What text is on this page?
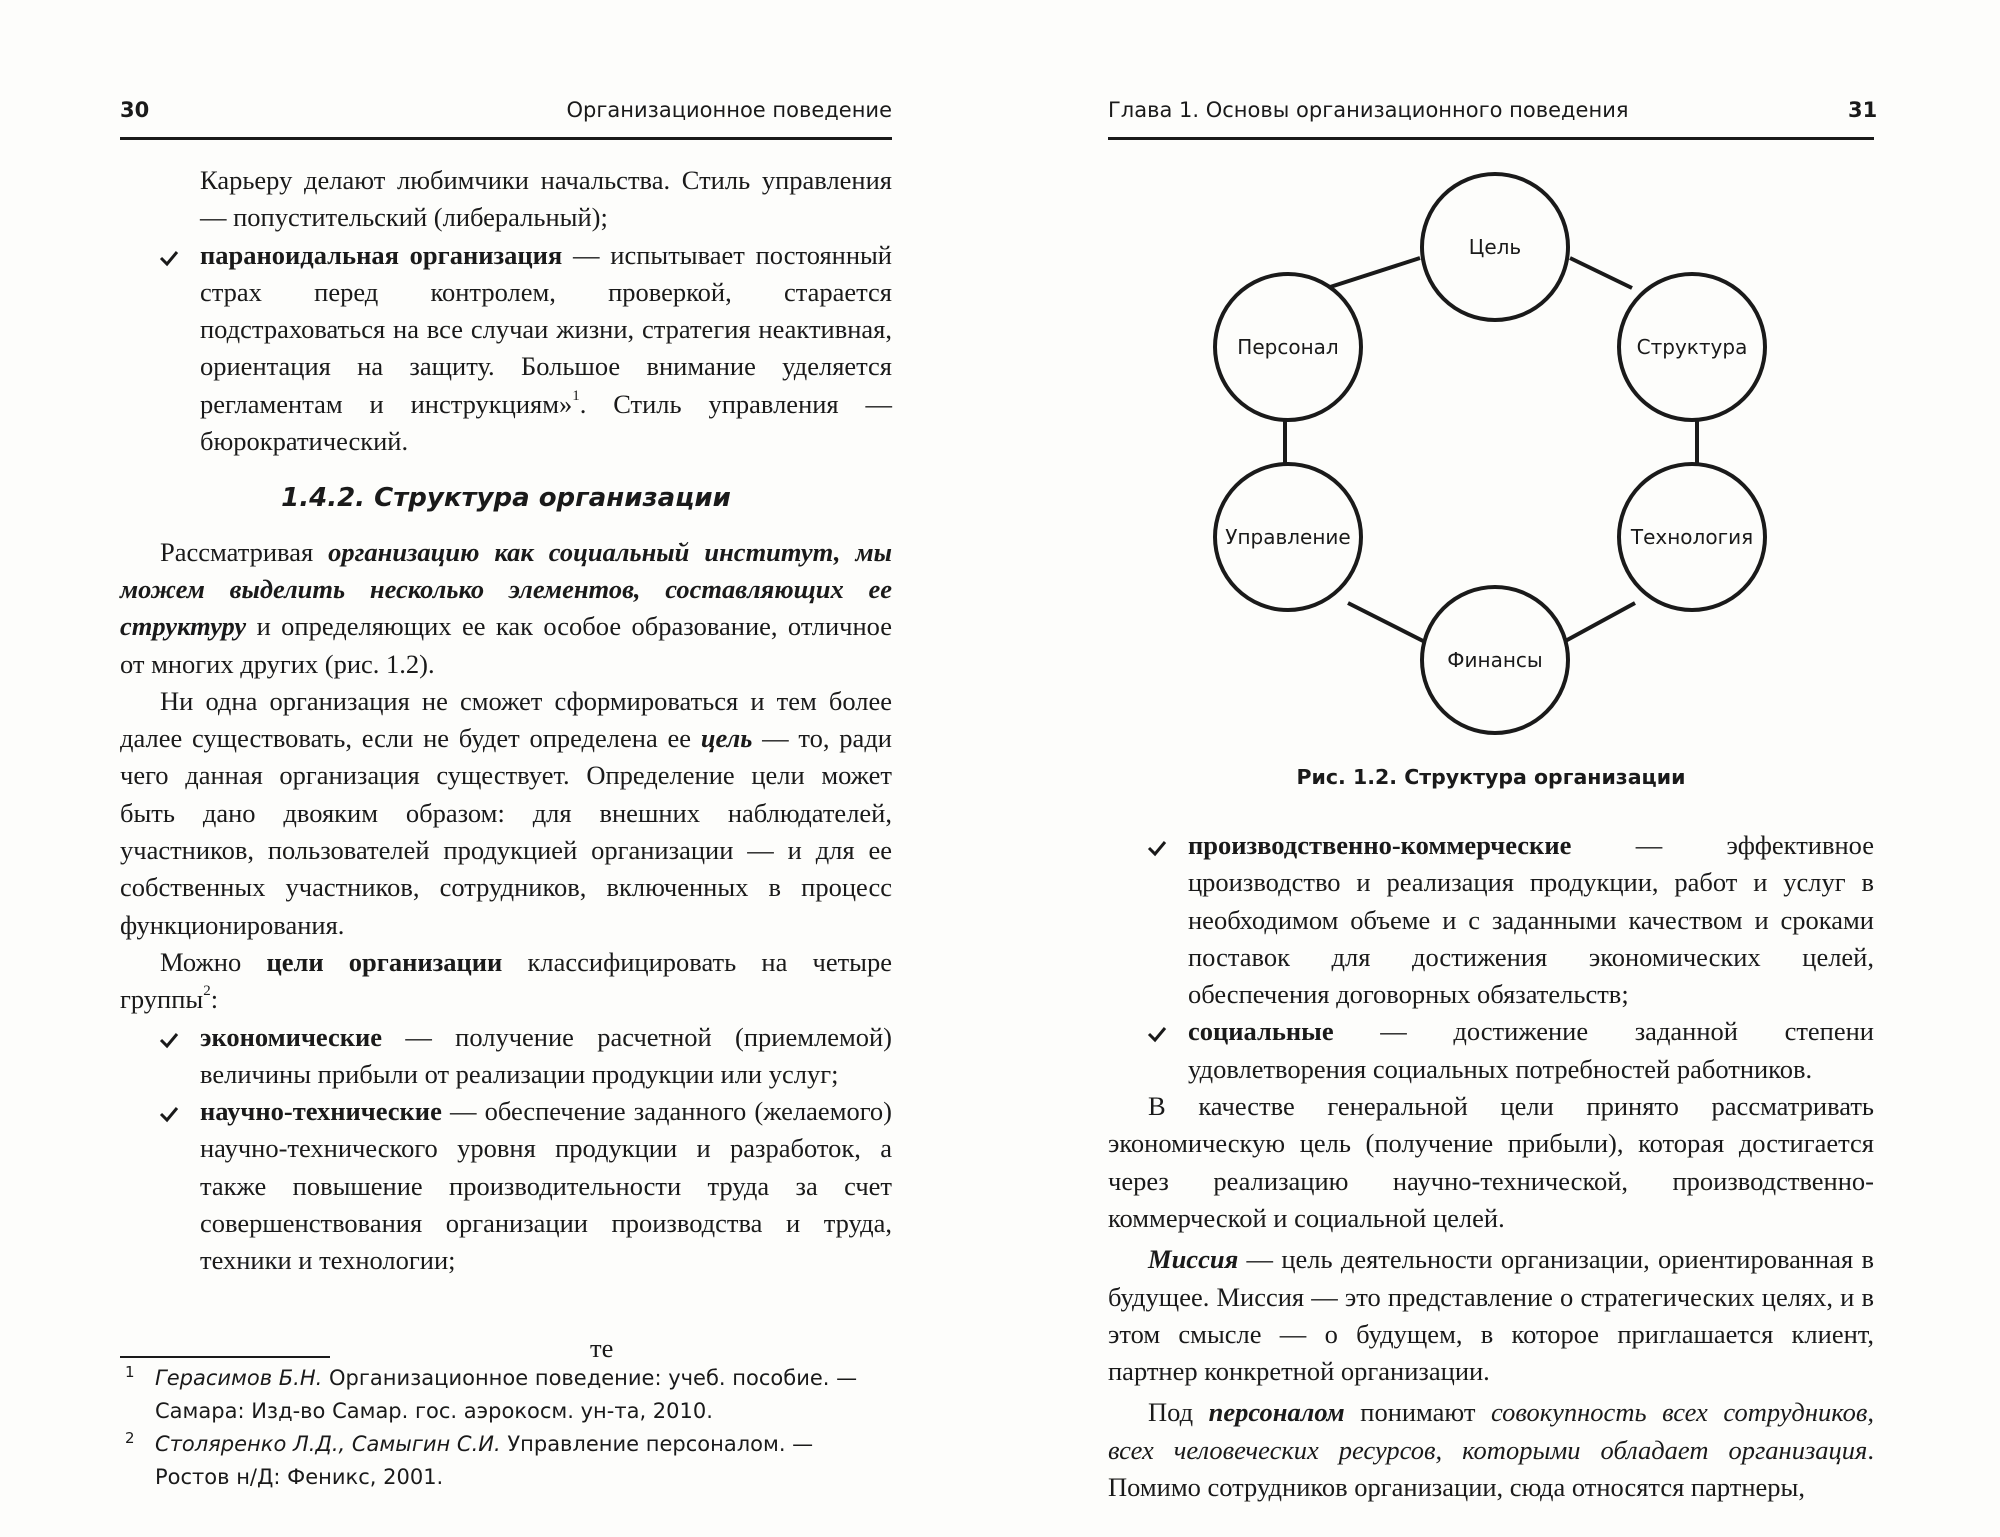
30	Организационное поведение

Карьеру делают любимчики начальства. Стиль управления — попустительский (либеральный);

параноидальная организация — испытывает постоянный страх перед контролем, проверкой, старается подстраховаться на все случаи жизни, стратегия неактивная, ориентация на защиту. Большое внимание уделяется регламентам и инструкциям»$^1$. Стиль управления — бюрократический.
1.4.2. Структура организации

Рассматривая организацию как социальный институт, мы можем выделить несколько элементов, составляющих ее структуру и определяющих ее как особое образование, отличное от многих других (рис. 1.2).

Ни одна организация не сможет сформироваться и тем более далее существовать, если не будет определена ее цель — то, ради чего данная организация существует. Определение цели может быть дано двояким образом: для внешних наблюдателей, участников, пользователей продукцией организации — и для ее собственных участников, сотрудников, включенных в процесс функционирования.

Можно цели организации классифицировать на четыре группы$^2$:

экономические — получение расчетной (приемлемой) величины прибыли от реализации продукции или услуг;
научно-технические — обеспечение заданного (желаемого) научно-технического уровня продукции и разработок, а также повышение производительности труда за счет совершенствования организации производства и труда, техники и технологии;
те
1 Герасимов Б.Н. Организационное поведение: учеб. пособие. — Самара: Изд-во Самар. гос. аэрокосм. ун-та, 2010.
2 Столяренко Л.Д., Самыгин С.И. Управление персоналом. — Ростов н/Д: Феникс, 2001.
Глава 1. Основы организационного поведения	31
Цель
Структура
Технология
Финансы
Управление
Персонал
Рис. 1.2. Структура организации
производственно-коммерческие — эффективное цроизводство и реализация продукции, работ и услуг в необходимом объеме и с заданными качеством и сроками поставок для достижения экономических целей, обеспечения договорных обязательств;
социальные — достижение заданной степени удовлетворения социальных потребностей работников.

В качестве генеральной цели принято рассматривать экономическую цель (получение прибыли), которая достигается через реализацию научно-технической, производственно-коммерческой и социальной целей.

Миссия — цель деятельности организации, ориентированная в будущее. Миссия — это представление о стратегических целях, и в этом смысле — о будущем, в которое приглашается клиент, партнер конкретной организации.

Под персоналом понимают совокупность всех сотрудников, всех человеческих ресурсов, которыми обладает организация. Помимо сотрудников организации, сюда относятся партнеры,
